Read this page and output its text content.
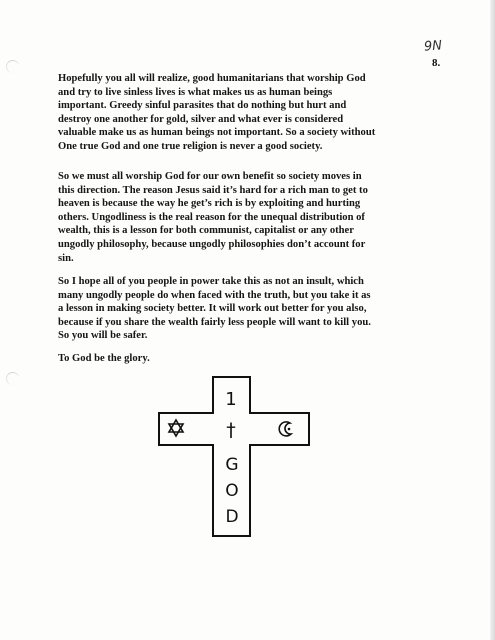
9N
8.
Hopefully you all will realize, good humanitarians that worship God
and try to live sinless lives is what makes us as human beings
important. Greedy sinful parasites that do nothing but hurt and
destroy one another for gold, silver and what ever is considered
valuable make us as human beings not important. So a society without
One true God and one true religion is never a good society.
So we must all worship God for our own benefit so society moves in
this direction. The reason Jesus said it’s hard for a rich man to get to
heaven is because the way he get’s rich is by exploiting and hurting
others. Ungodliness is the real reason for the unequal distribution of
wealth, this is a lesson for both communist, capitalist or any other
ungodly philosophy, because ungodly philosophies don’t account for
sin.
So I hope all of you people in power take this as not an insult, which
many ungodly people do when faced with the truth, but you take it as
a lesson in making society better. It will work out better for you also,
because if you share the wealth fairly less people will want to kill you.
So you will be safer.
To God be the glory.
1
†
G
O
D
